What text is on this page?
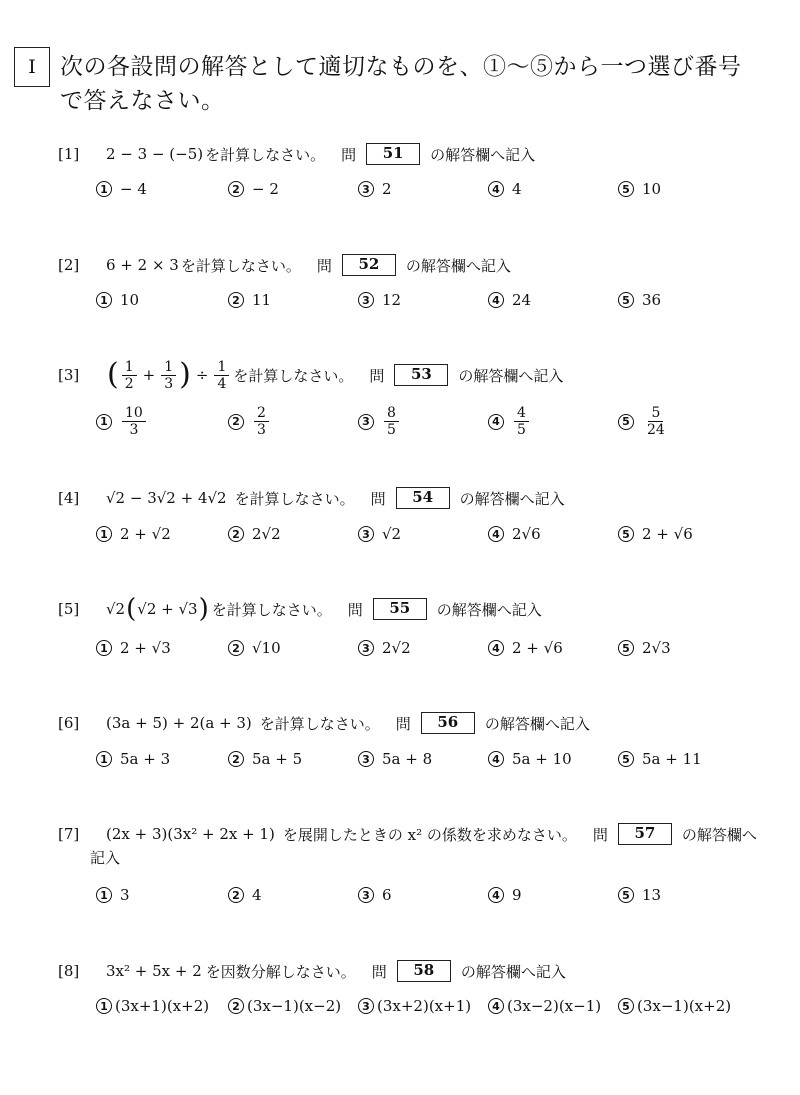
I 次の各設問の解答として適切なものを、①～⑤から一つ選び番号で答えなさい。
[1]	2 − 3 − (−5) を計算しなさい。 問	51	の解答欄へ記入
1 − 4	2 − 2	3 2	4 4	5 10
[2]	6 + 2 × 3 を計算しなさい。 問	52	の解答欄へ記入
1 10	2 11	3 12	4 24	5 36
[3] ( $\frac{1}{2} + \frac{1}{3}$ ) ÷ $\frac{1}{4}$ を計算しなさい。 問	53	の解答欄へ記入
$1 \frac{10}{3}$	$2 \frac{2}{3}$	$3 \frac{8}{5}$	$4 \frac{4}{5}$	$5 \frac{5}{24}$
[4]	√2 − 3√2 + 4√2 を計算しなさい。 問	54	の解答欄へ記入
1 2 + √2	2 2√2	3 √2	4 2√6	5 2 + √6
[5]	√2 ( √2 + √3 ) を計算しなさい。 問	55	の解答欄へ記入
1 2 + √3	2 √10	3 2√2	4 2 + √6	5 2√3
[6]	(3a + 5) + 2(a + 3) を計算しなさい。 問	56	の解答欄へ記入
1 5a + 3	2 5a + 5	3 5a + 8	4 5a + 10	5 5a + 11
[7]	(2x + 3)(3x² + 2x + 1) を展開したときの x² の係数を求めなさい。 問	57	の解答欄へ
記入
1 3	2 4	3 6	4 9	5 13
[8]	3x² + 5x + 2 を因数分解しなさい。 問	58	の解答欄へ記入
1 (3x+1)(x+2)	2 (3x−1)(x−2)	3 (3x+2)(x+1)	4 (3x−2)(x−1)	5 (3x−1)(x+2)
